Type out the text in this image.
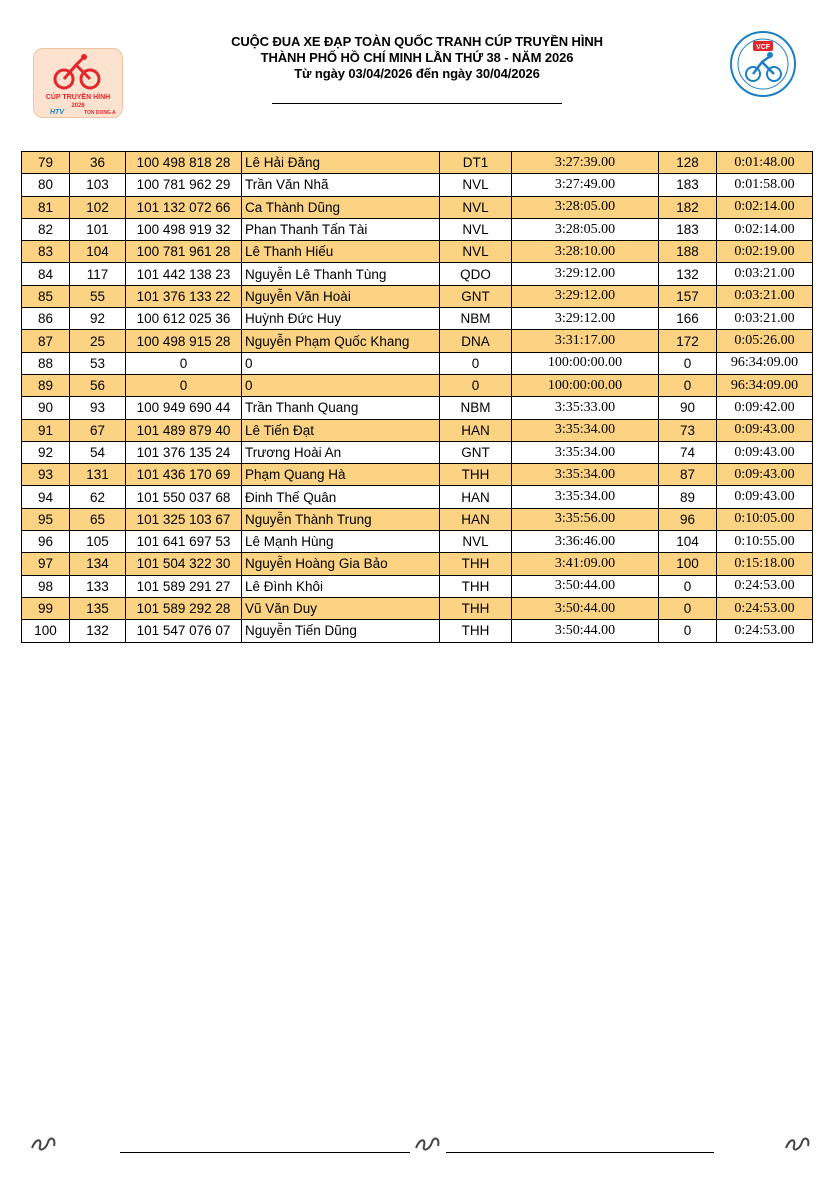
CÚP TRUYỀN HÌNH
2026
HTV	TON DONG A
CUỘC ĐUA XE ĐẠP TOÀN QUỐC TRANH CÚP TRUYỀN HÌNH
THÀNH PHỐ HỒ CHÍ MINH LẦN THỨ 38 - NĂM 2026
Từ ngày 03/04/2026 đến ngày 30/04/2026
VCF
79	36	100 498 818 28	Lê Hải Đăng	DT1	3:27:39.00	128	0:01:48.00
80	103	100 781 962 29	Trần Văn Nhã	NVL	3:27:49.00	183	0:01:58.00
81	102	101 132 072 66	Ca Thành Dũng	NVL	3:28:05.00	182	0:02:14.00
82	101	100 498 919 32	Phan Thanh Tấn Tài	NVL	3:28:05.00	183	0:02:14.00
83	104	100 781 961 28	Lê Thanh Hiếu	NVL	3:28:10.00	188	0:02:19.00
84	117	101 442 138 23	Nguyễn Lê Thanh Tùng	QDO	3:29:12.00	132	0:03:21.00
85	55	101 376 133 22	Nguyễn Văn Hoài	GNT	3:29:12.00	157	0:03:21.00
86	92	100 612 025 36	Huỳnh Đức Huy	NBM	3:29:12.00	166	0:03:21.00
87	25	100 498 915 28	Nguyễn Phạm Quốc Khang	DNA	3:31:17.00	172	0:05:26.00
88	53	0	0	0	100:00:00.00	0	96:34:09.00
89	56	0	0	0	100:00:00.00	0	96:34:09.00
90	93	100 949 690 44	Trần Thanh Quang	NBM	3:35:33.00	90	0:09:42.00
91	67	101 489 879 40	Lê Tiến Đạt	HAN	3:35:34.00	73	0:09:43.00
92	54	101 376 135 24	Trương Hoài An	GNT	3:35:34.00	74	0:09:43.00
93	131	101 436 170 69	Phạm Quang Hà	THH	3:35:34.00	87	0:09:43.00
94	62	101 550 037 68	Đinh Thế Quân	HAN	3:35:34.00	89	0:09:43.00
95	65	101 325 103 67	Nguyễn Thành Trung	HAN	3:35:56.00	96	0:10:05.00
96	105	101 641 697 53	Lê Mạnh Hùng	NVL	3:36:46.00	104	0:10:55.00
97	134	101 504 322 30	Nguyễn Hoàng Gia Bảo	THH	3:41:09.00	100	0:15:18.00
98	133	101 589 291 27	Lê Đình Khôi	THH	3:50:44.00	0	0:24:53.00
99	135	101 589 292 28	Vũ Văn Duy	THH	3:50:44.00	0	0:24:53.00
100	132	101 547 076 07	Nguyễn Tiến Dũng	THH	3:50:44.00	0	0:24:53.00
